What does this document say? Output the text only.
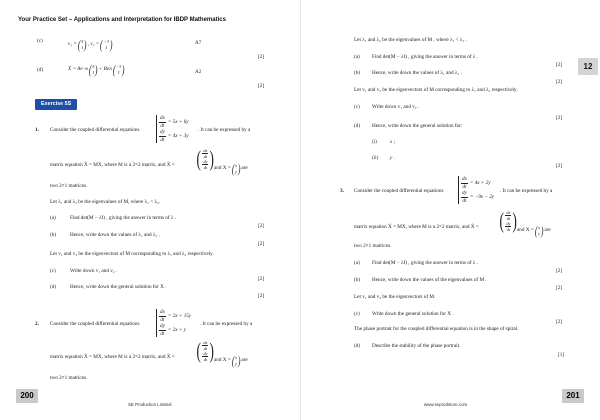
Your Practice Set – Applications and Interpretation for IBDP Mathematics
(c)
v₁ = ( 5
1 ) , v₂ = ( −3
1 )	A7
[2]
(d)	X = Ae −6t ( 5
1 ) + Be 2t ( −3
1 )	A2
[2]
Exercise 5S
1. Consider the coupled differential equations
$\frac{dx}{dt} = 5x + 6y$
$\frac{dy}{dt} = 4x + 3y$
. It can be expressed by a
matrix equation Ẋ = MX, where M is a 2×2 matrix, and Ẋ = ( $\frac{dx}{dt}$
$\frac{dy}{dt}$ ) and X = ( x
y ) are
two 2×1 matrices.
Let λ₁ and λ₂ be the eigenvalues of M, where λ₁ < λ₂.
(a)	Find det(M − λI) , giving the answer in terms of λ .
[2]
(b)	Hence, write down the values of λ₁ and λ₂ .
[2]
Let v₁ and v₂ be the eigenvectors of M corresponding to λ₁ and λ₂ respectively.
(c)	Write down v₁ and v₂ .
[2]
(d)	Hence, write down the general solution for X .
[2]
2. Consider the coupled differential equations
$\frac{dx}{dt} = 2x + 15y$
$\frac{dy}{dt} = 2x + y$
. It can be expressed by a
matrix equation Ẋ = MX, where M is a 2×2 matrix, and Ẋ = ( $\frac{dx}{dt}$
$\frac{dy}{dt}$ ) and X = ( x
y ) are
two 2×1 matrices.
200
SE Production Limited
12
Let λ₁ and λ₂ be the eigenvalues of M , where λ₁ < λ₂ .
(a) Find det(M − λI) , giving the answer in terms of λ .
[2]
(b) Hence, write down the values of λ₁ and λ₂ .
[2]
Let v₁ and v₂ be the eigenvectors of M corresponding to λ₁ and λ₂ respectively.
(c) Write down v₁ and v₂ .
[2]
(d) Hence, write down the general solution for:
(i)	x ;
(ii) y .
[2]
3. Consider the coupled differential equations
$\frac{dx}{dt} = 4x + 2y$
$\frac{dy}{dt} = -9x - 2y$
. It can be expressed by a
matrix equation Ẋ = MX, where M is a 2×2 matrix, and Ẋ = ( $\frac{dx}{dt}$
$\frac{dy}{dt}$ ) and X = ( x
y ) are
two 2×1 matrices.
(a) Find det(M − λI) , giving the answer in terms of λ .
[2]
(b) Hence, write down the values of the eigenvalues of M .
[2]
Let v₁ and v₂ be the eigenvectors of M.
(c) Write down the general solution for X .
[2]
The phase portrait for the coupled differential equation is in the shape of spiral.
(d) Describe the stability of the phase portrait.
[1]
www.seprodstore.com
201
